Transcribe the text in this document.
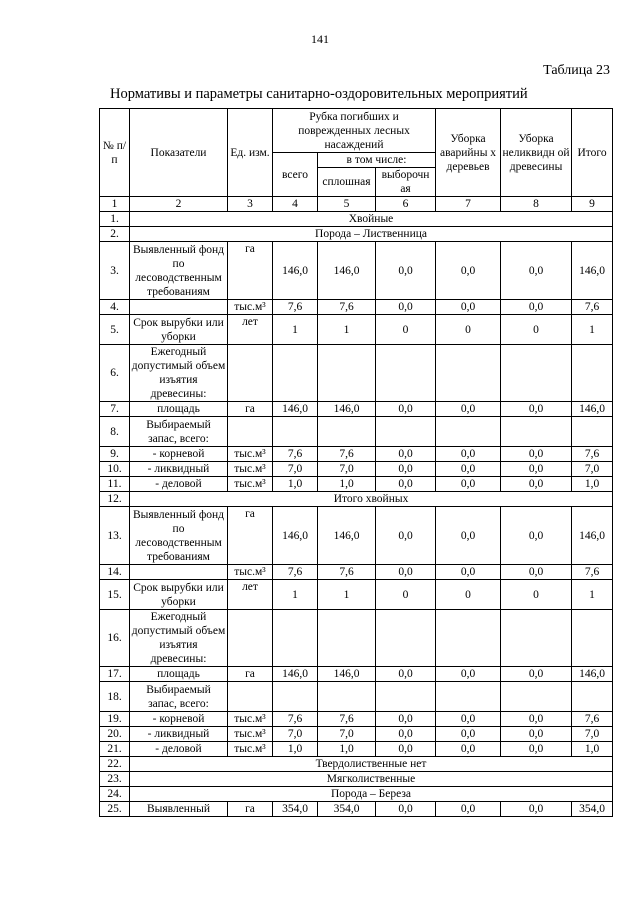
141
Таблица 23
Нормативы и параметры санитарно-оздоровительных мероприятий
№ п/п	Показатели	Ед. изм.	Рубка погибших и поврежденных лесных насаждений			Уборка аварийны х деревьев	Уборка неликвидн ой древесины	Итого
			всего	в том числе:				
				сплошная	выборочн ая			
1	2	3	4	5	6	7	8	9
1.	Хвойные							
2.	Порода – Лиственница							
3.	Выявленный фонд по лесоводственным требованиям	га	146,0	146,0	0,0	0,0	0,0	146,0
4.		тыс.м³	7,6	7,6	0,0	0,0	0,0	7,6
5.	Срок вырубки или уборки	лет	1	1	0	0	0	1
6.	Ежегодный допустимый объем изъятия древесины:							
7.	площадь	га	146,0	146,0	0,0	0,0	0,0	146,0
8.	Выбираемый запас, всего:							
9.	- корневой	тыс.м³	7,6	7,6	0,0	0,0	0,0	7,6
10.	- ликвидный	тыс.м³	7,0	7,0	0,0	0,0	0,0	7,0
11.	- деловой	тыс.м³	1,0	1,0	0,0	0,0	0,0	1,0
12.	Итого хвойных							
13.	Выявленный фонд по лесоводственным требованиям	га	146,0	146,0	0,0	0,0	0,0	146,0
14.		тыс.м³	7,6	7,6	0,0	0,0	0,0	7,6
15.	Срок вырубки или уборки	лет	1	1	0	0	0	1
16.	Ежегодный допустимый объем изъятия древесины:							
17.	площадь	га	146,0	146,0	0,0	0,0	0,0	146,0
18.	Выбираемый запас, всего:							
19.	- корневой	тыс.м³	7,6	7,6	0,0	0,0	0,0	7,6
20.	- ликвидный	тыс.м³	7,0	7,0	0,0	0,0	0,0	7,0
21.	- деловой	тыс.м³	1,0	1,0	0,0	0,0	0,0	1,0
22.	Твердолиственные нет							
23.	Мягколиственные							
24.	Порода – Береза							
25.	Выявленный	га	354,0	354,0	0,0	0,0	0,0	354,0
